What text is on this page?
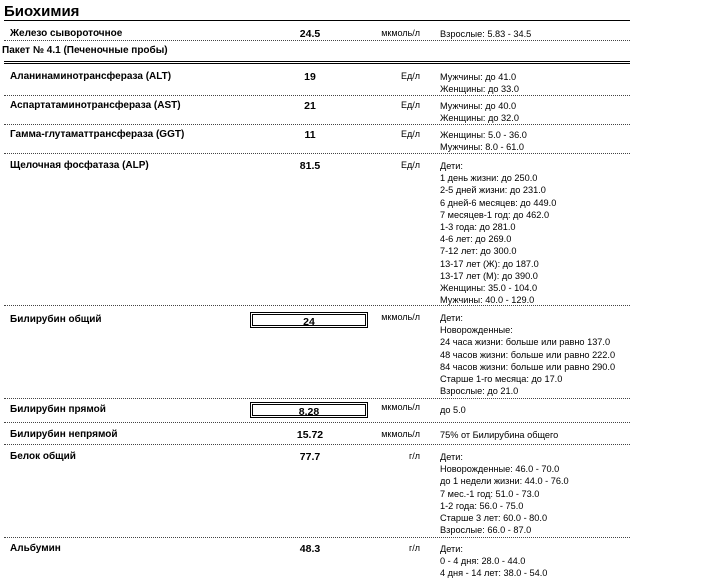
Биохимия
Железо сывороточное	24.5	мкмоль/л Взрослые: 5.83 - 34.5
Пакет № 4.1 (Печеночные пробы)
Аланинаминотрансфераза (ALT)	19	Ед/л Мужчины: до 41.0
Женщины: до 33.0
Аспартатаминотрансфераза (AST)	21	Ед/л Мужчины: до 40.0
Женщины: до 32.0
Гамма-глутаматтрансфераза (GGT)	11	Ед/л Женщины: 5.0 - 36.0
Мужчины: 8.0 - 61.0
Щелочная фосфатаза (ALP)	81.5	Ед/л Дети:
1 день жизни: до 250.0
2-5 дней жизни: до 231.0
6 дней-6 месяцев: до 449.0
7 месяцев-1 год: до 462.0
1-3 года: до 281.0
4-6 лет: до 269.0
7-12 лет: до 300.0
13-17 лет (Ж): до 187.0
13-17 лет (М): до 390.0
Женщины: 35.0 - 104.0
Мужчины: 40.0 - 129.0
Билирубин общий	24	мкмоль/л Дети:
Новорожденные:
24 часа жизни: больше или равно 137.0
48 часов жизни: больше или равно 222.0
84 часов жизни: больше или равно 290.0
Старше 1-го месяца: до 17.0
Взрослые: до 21.0
Билирубин прямой	8.28	мкмоль/л до 5.0
Билирубин непрямой	15.72	мкмоль/л 75% от Билирубина общего
Белок общий	77.7	г/л Дети:
Новорожденные: 46.0 - 70.0
до 1 недели жизни: 44.0 - 76.0
7 мес.-1 год: 51.0 - 73.0
1-2 года: 56.0 - 75.0
Старше 3 лет: 60.0 - 80.0
Взрослые: 66.0 - 87.0
Альбумин	48.3	г/л Дети:
0 - 4 дня: 28.0 - 44.0
4 дня - 14 лет: 38.0 - 54.0
